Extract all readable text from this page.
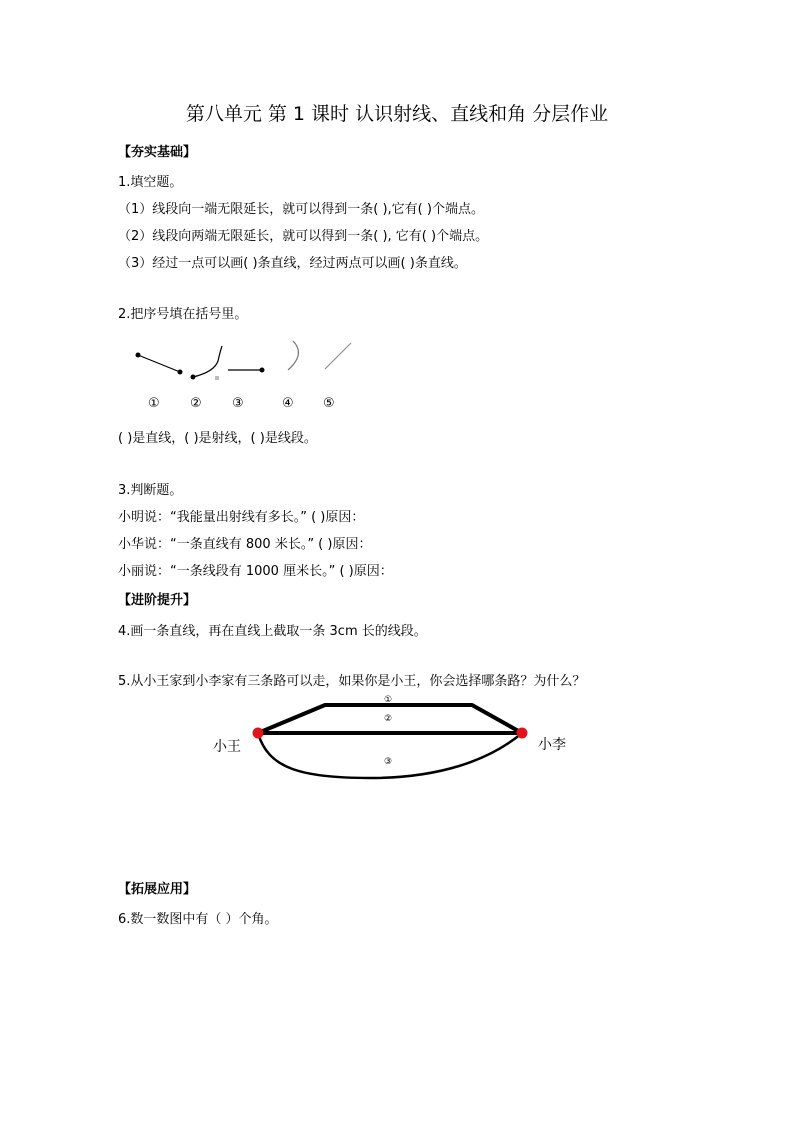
第八单元 第 1 课时 认识射线、直线和角 分层作业
【夯实基础】
1.填空题。
（1）线段向一端无限延长，就可以得到一条( ),它有( )个端点。
（2）线段向两端无限延长，就可以得到一条( ), 它有( )个端点。
（3）经过一点可以画( )条直线，经过两点可以画( )条直线。
2.把序号填在括号里。
① ② ③	④ ⑤
( )是直线，( )是射线，( )是线段。
3.判断题。
小明说：“我能量出射线有多长。” ( )原因：
小华说：“一条直线有 800 米长。” ( )原因：
小丽说：“一条线段有 1000 厘米长。” ( )原因：
【进阶提升】
4.画一条直线，再在直线上截取一条 3cm 长的线段。
5.从小王家到小李家有三条路可以走，如果你是小王，你会选择哪条路？为什么？
①
②
③
小王	小李
【拓展应用】
6.数一数图中有（ ）个角。
